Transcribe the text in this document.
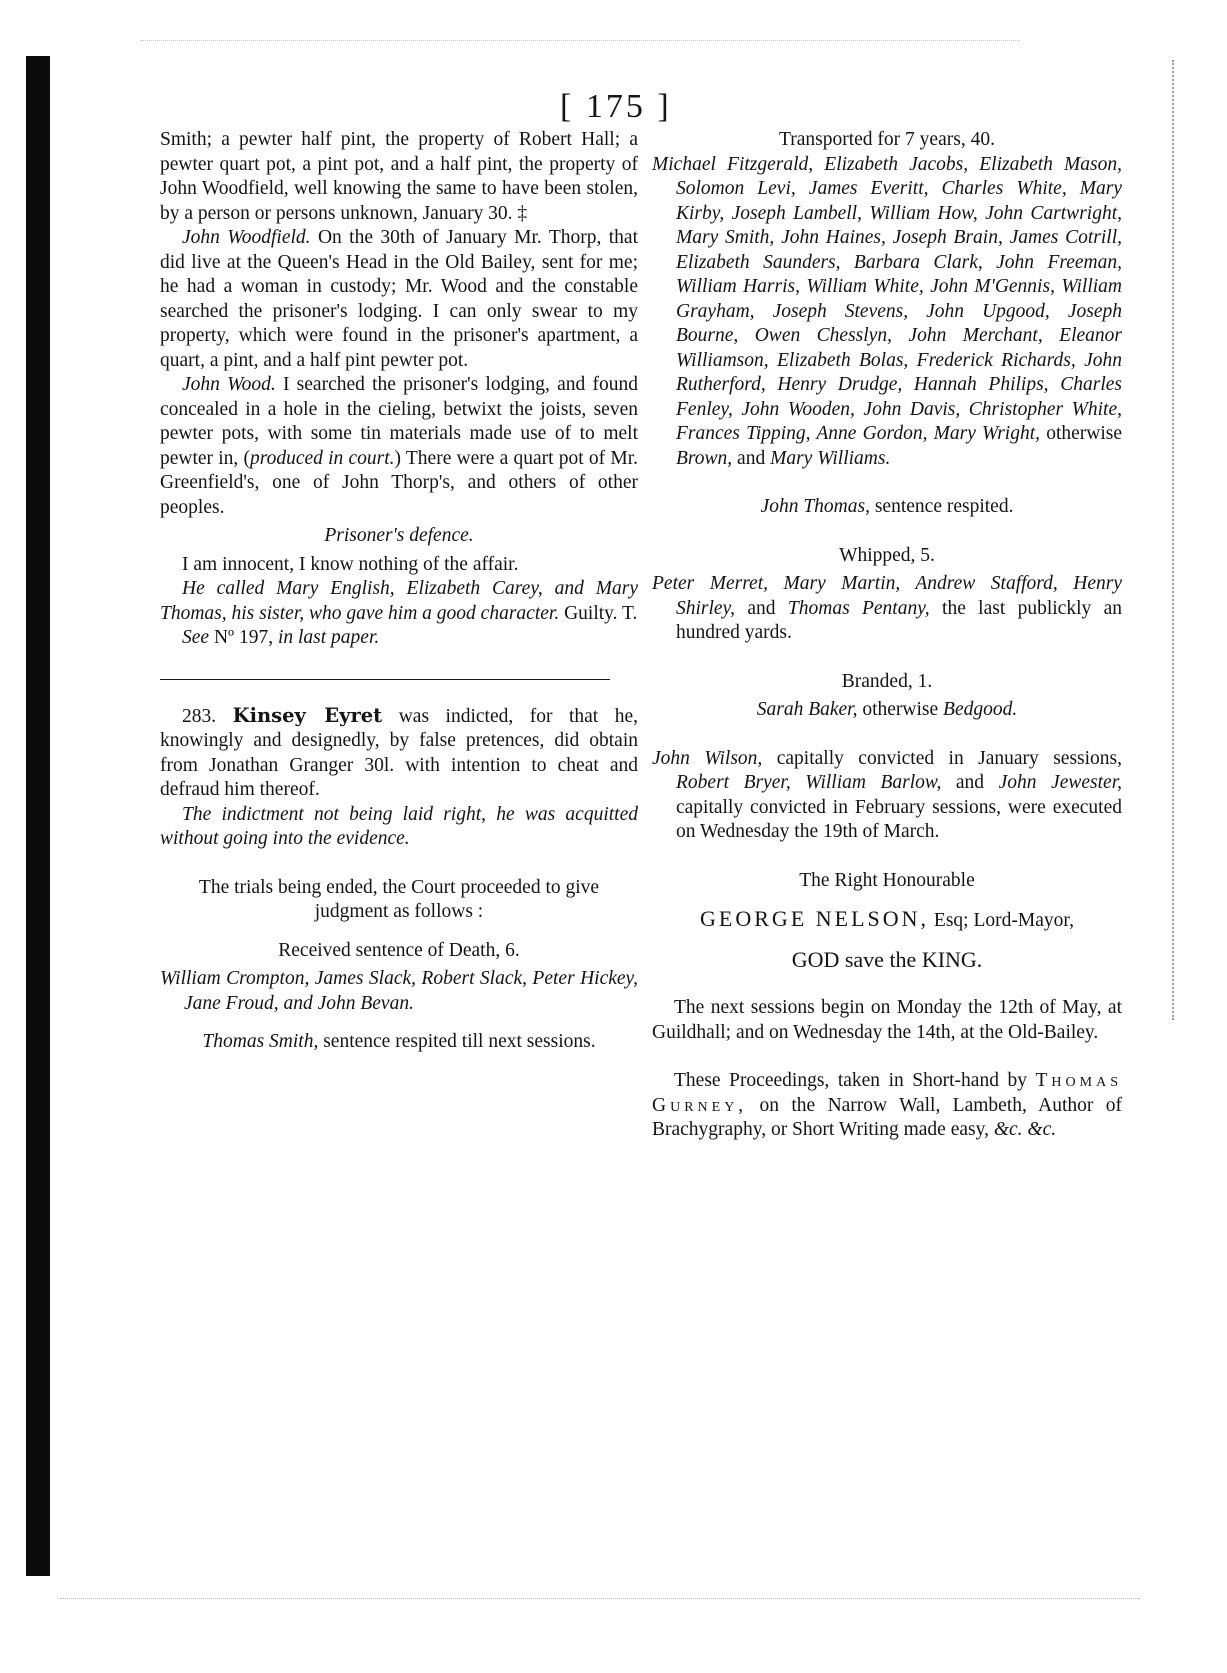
[ 175 ]

Smith; a pewter half pint, the property of Robert Hall; a pewter quart pot, a pint pot, and a half pint, the property of John Woodfield, well knowing the same to have been stolen, by a person or persons unknown, January 30. ‡

John Woodfield. On the 30th of January Mr. Thorp, that did live at the Queen's Head in the Old Bailey, sent for me; he had a woman in custody; Mr. Wood and the constable searched the prisoner's lodging. I can only swear to my property, which were found in the prisoner's apartment, a quart, a pint, and a half pint pewter pot.

John Wood. I searched the prisoner's lodging, and found concealed in a hole in the cieling, betwixt the joists, seven pewter pots, with some tin materials made use of to melt pewter in, (produced in court.) There were a quart pot of Mr. Greenfield's, one of John Thorp's, and others of other peoples.

Prisoner's defence.

I am innocent, I know nothing of the affair.

He called Mary English, Elizabeth Carey, and Mary Thomas, his sister, who gave him a good character. Guilty. T.

See Nº 197, in last paper.

283. Kinsey Eyret was indicted, for that he, knowingly and designedly, by false pretences, did obtain from Jonathan Granger 30l. with intention to cheat and defraud him thereof.

The indictment not being laid right, he was acquitted without going into the evidence.

The trials being ended, the Court proceeded to give judgment as follows :

Received sentence of Death, 6.

William Crompton, James Slack, Robert Slack, Peter Hickey, Jane Froud, and John Bevan.

Thomas Smith, sentence respited till next sessions.

Transported for 7 years, 40.

Michael Fitzgerald, Elizabeth Jacobs, Elizabeth Mason, Solomon Levi, James Everitt, Charles White, Mary Kirby, Joseph Lambell, William How, John Cartwright, Mary Smith, John Haines, Joseph Brain, James Cotrill, Elizabeth Saunders, Barbara Clark, John Freeman, William Harris, William White, John M'Gennis, William Grayham, Joseph Stevens, John Upgood, Joseph Bourne, Owen Chesslyn, John Merchant, Eleanor Williamson, Elizabeth Bolas, Frederick Richards, John Rutherford, Henry Drudge, Hannah Philips, Charles Fenley, John Wooden, John Davis, Christopher White, Frances Tipping, Anne Gordon, Mary Wright, otherwise Brown, and Mary Williams.

John Thomas, sentence respited.

Whipped, 5.

Peter Merret, Mary Martin, Andrew Stafford, Henry Shirley, and Thomas Pentany, the last publickly an hundred yards.

Branded, 1.

Sarah Baker, otherwise Bedgood.

John Wilson, capitally convicted in January sessions, Robert Bryer, William Barlow, and John Jewester, capitally convicted in February sessions, were executed on Wednesday the 19th of March.

The Right Honourable

GEORGE NELSON, Esq; Lord-Mayor,

GOD save the KING.

The next sessions begin on Monday the 12th of May, at Guildhall; and on Wednesday the 14th, at the Old-Bailey.

These Proceedings, taken in Short-hand by Thomas Gurney, on the Narrow Wall, Lambeth, Author of Brachygraphy, or Short Writing made easy, &c. &c.
